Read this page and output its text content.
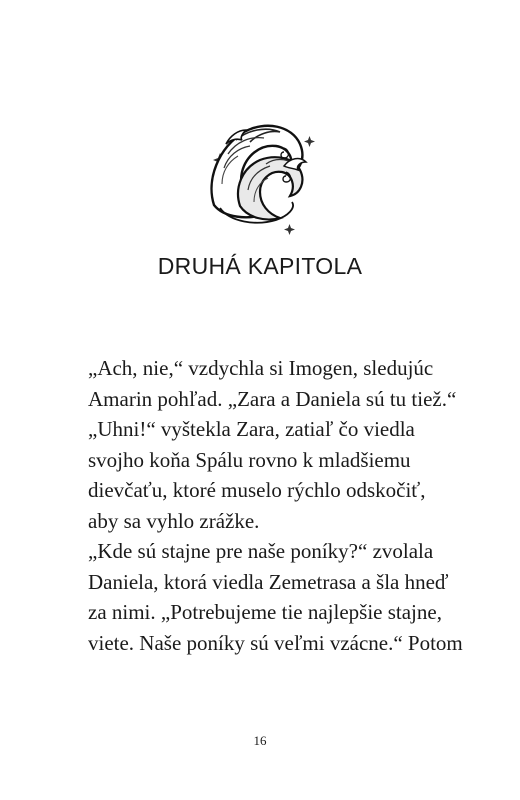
DRUHÁ KAPITOLA
„Ach, nie,“ vzdychla si Imogen, sledujúc
Amarin pohľad. „Zara a Daniela sú tu tiež.“
„Uhni!“ vyštekla Zara, zatiaľ čo viedla
svojho koňa Spálu rovno k mladšiemu
dievčaťu, ktoré muselo rýchlo odskočiť,
aby sa vyhlo zrážke.
„Kde sú stajne pre naše poníky?“ zvolala
Daniela, ktorá viedla Zemetrasa a šla hneď
za nimi. „Potrebujeme tie najlepšie stajne,
viete. Naše poníky sú veľmi vzácne.“ Potom
16
